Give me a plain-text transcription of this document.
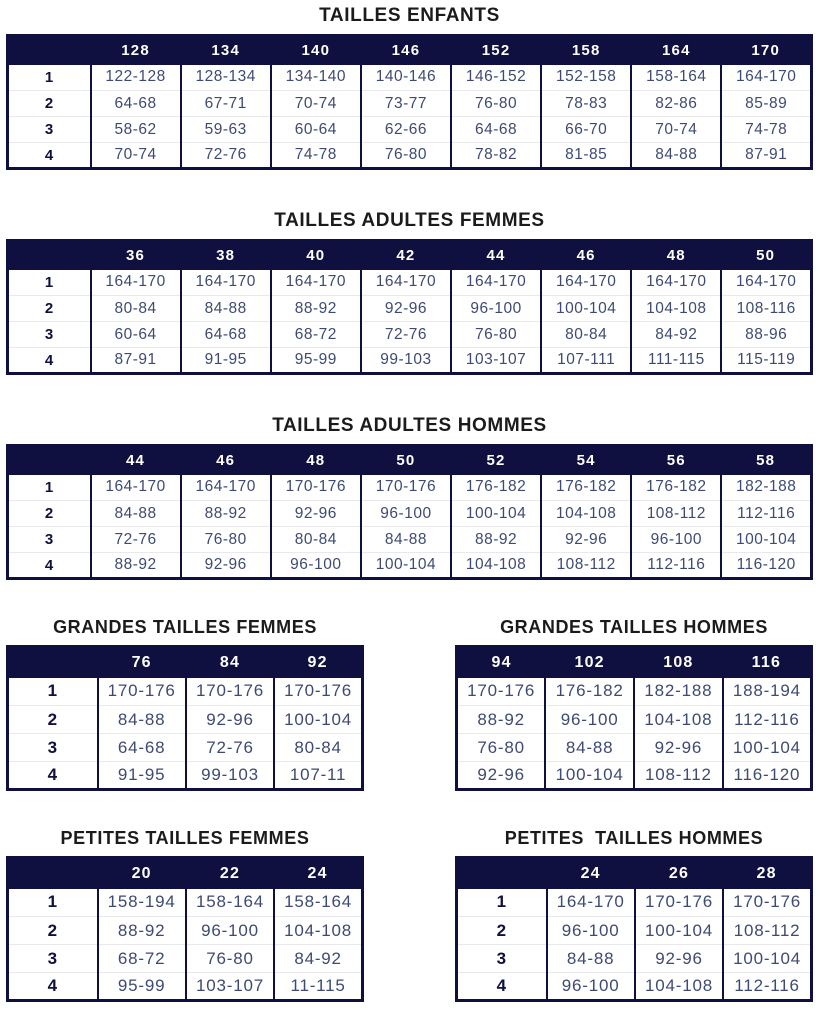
TAILLES ENFANTS
	128	134	140	146	152	158	164	170
1	122-128	128-134	134-140	140-146	146-152	152-158	158-164	164-170
2	64-68	67-71	70-74	73-77	76-80	78-83	82-86	85-89
3	58-62	59-63	60-64	62-66	64-68	66-70	70-74	74-78
4	70-74	72-76	74-78	76-80	78-82	81-85	84-88	87-91
TAILLES ADULTES FEMMES
	36	38	40	42	44	46	48	50
1	164-170	164-170	164-170	164-170	164-170	164-170	164-170	164-170
2	80-84	84-88	88-92	92-96	96-100	100-104	104-108	108-116
3	60-64	64-68	68-72	72-76	76-80	80-84	84-92	88-96
4	87-91	91-95	95-99	99-103	103-107	107-111	111-115	115-119
TAILLES ADULTES HOMMES
	44	46	48	50	52	54	56	58
1	164-170	164-170	170-176	170-176	176-182	176-182	176-182	182-188
2	84-88	88-92	92-96	96-100	100-104	104-108	108-112	112-116
3	72-76	76-80	80-84	84-88	88-92	92-96	96-100	100-104
4	88-92	92-96	96-100	100-104	104-108	108-112	112-116	116-120
GRANDES TAILLES FEMMES
	76	84	92
1	170-176	170-176	170-176
2	84-88	92-96	100-104
3	64-68	72-76	80-84
4	91-95	99-103	107-11
GRANDES TAILLES HOMMES
94	102	108	116
170-176	176-182	182-188	188-194
88-92	96-100	104-108	112-116
76-80	84-88	92-96	100-104
92-96	100-104	108-112	116-120
PETITES TAILLES FEMMES
	20	22	24
1	158-194	158-164	158-164
2	88-92	96-100	104-108
3	68-72	76-80	84-92
4	95-99	103-107	11-115
PETITES  TAILLES HOMMES
	24	26	28
1	164-170	170-176	170-176
2	96-100	100-104	108-112
3	84-88	92-96	100-104
4	96-100	104-108	112-116
